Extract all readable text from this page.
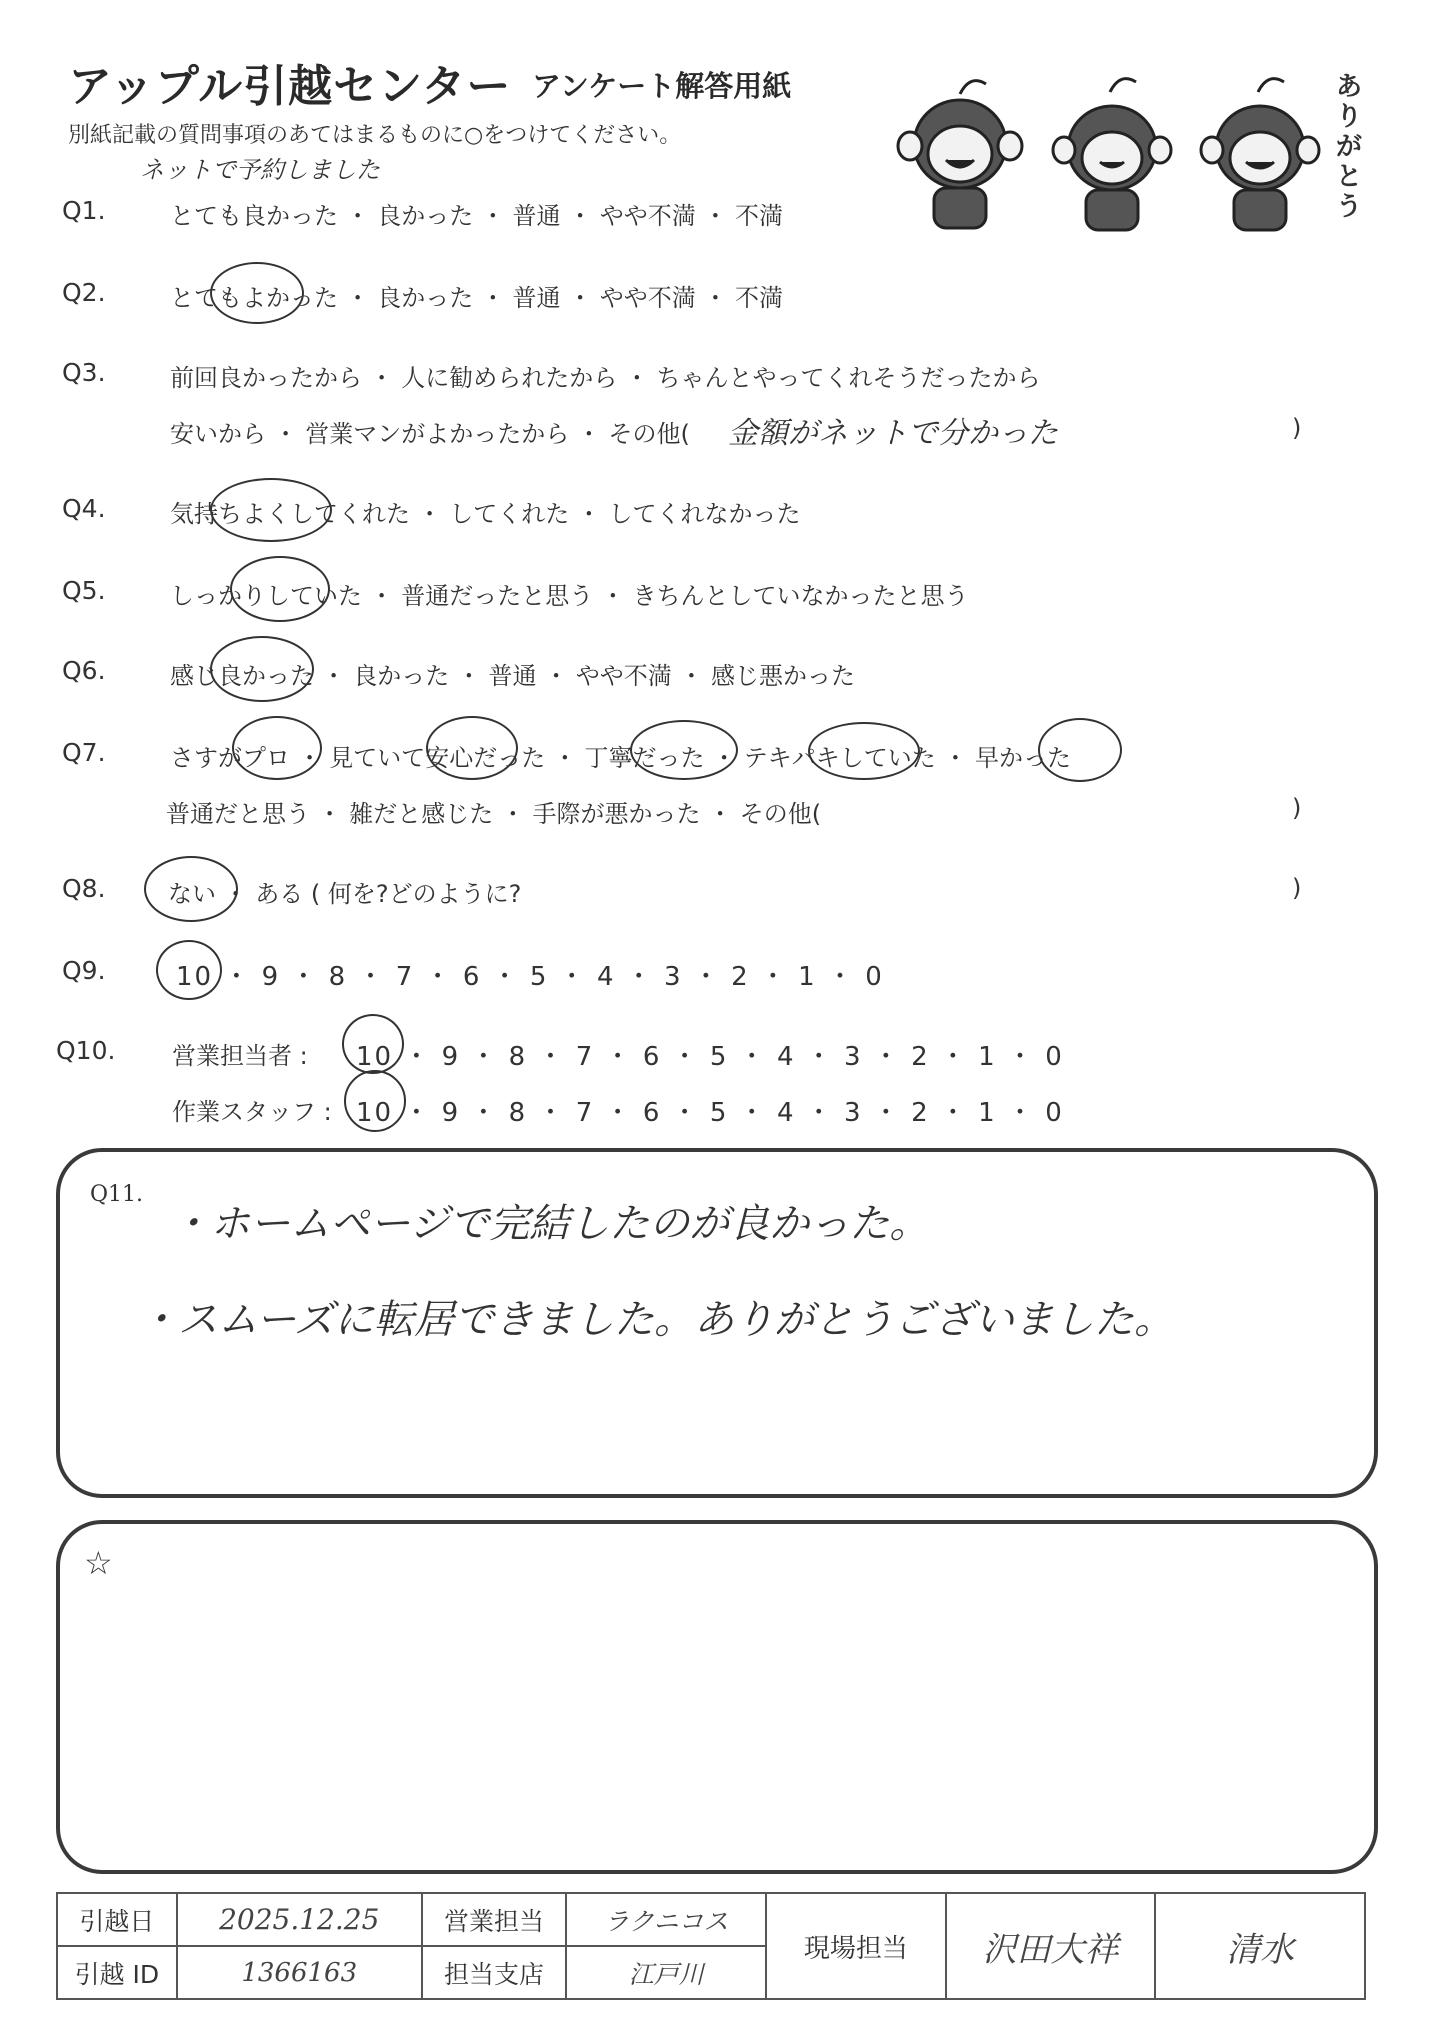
アップル引越センター アンケート解答用紙
別紙記載の質問事項のあてはまるものに○をつけてください。
ありがとう
ネットで予約しました
Q1.	とても良かった ・ 良かった ・ 普通 ・ やや不満 ・ 不満
Q2.	とてもよかった ・ 良かった ・ 普通 ・ やや不満 ・ 不満
Q3.	前回良かったから ・ 人に勧められたから ・ ちゃんとやってくれそうだったから
安いから ・ 営業マンがよかったから ・ その他( 金額がネットで分かった	)
Q4.	気持ちよくしてくれた ・ してくれた ・ してくれなかった
Q5.	しっかりしていた ・ 普通だったと思う ・ きちんとしていなかったと思う
Q6.	感じ良かった ・ 良かった ・ 普通 ・ やや不満 ・ 感じ悪かった
Q7.	さすがプロ ・ 見ていて安心だった ・ 丁寧だった ・ テキパキしていた ・ 早かった
普通だと思う ・ 雑だと感じた ・ 手際が悪かった ・ その他(	)
Q8.	ない ・ ある ( 何を?どのように?	)
Q9.	10 ・ 9 ・ 8 ・ 7 ・ 6 ・ 5 ・ 4 ・ 3 ・ 2 ・ 1 ・ 0
Q10. 営業担当者 : 10 ・ 9 ・ 8 ・ 7 ・ 6 ・ 5 ・ 4 ・ 3 ・ 2 ・ 1 ・ 0
作業スタッフ : 10 ・ 9 ・ 8 ・ 7 ・ 6 ・ 5 ・ 4 ・ 3 ・ 2 ・ 1 ・ 0
Q11.
・ホームページで完結したのが良かった。
・スムーズに転居できました。ありがとうございました。
☆
引越日	2025.12.25	営業担当	ラクニコス	現場担当	沢田大祥	清水
引越 ID	1366163	担当支店	江戸川			
